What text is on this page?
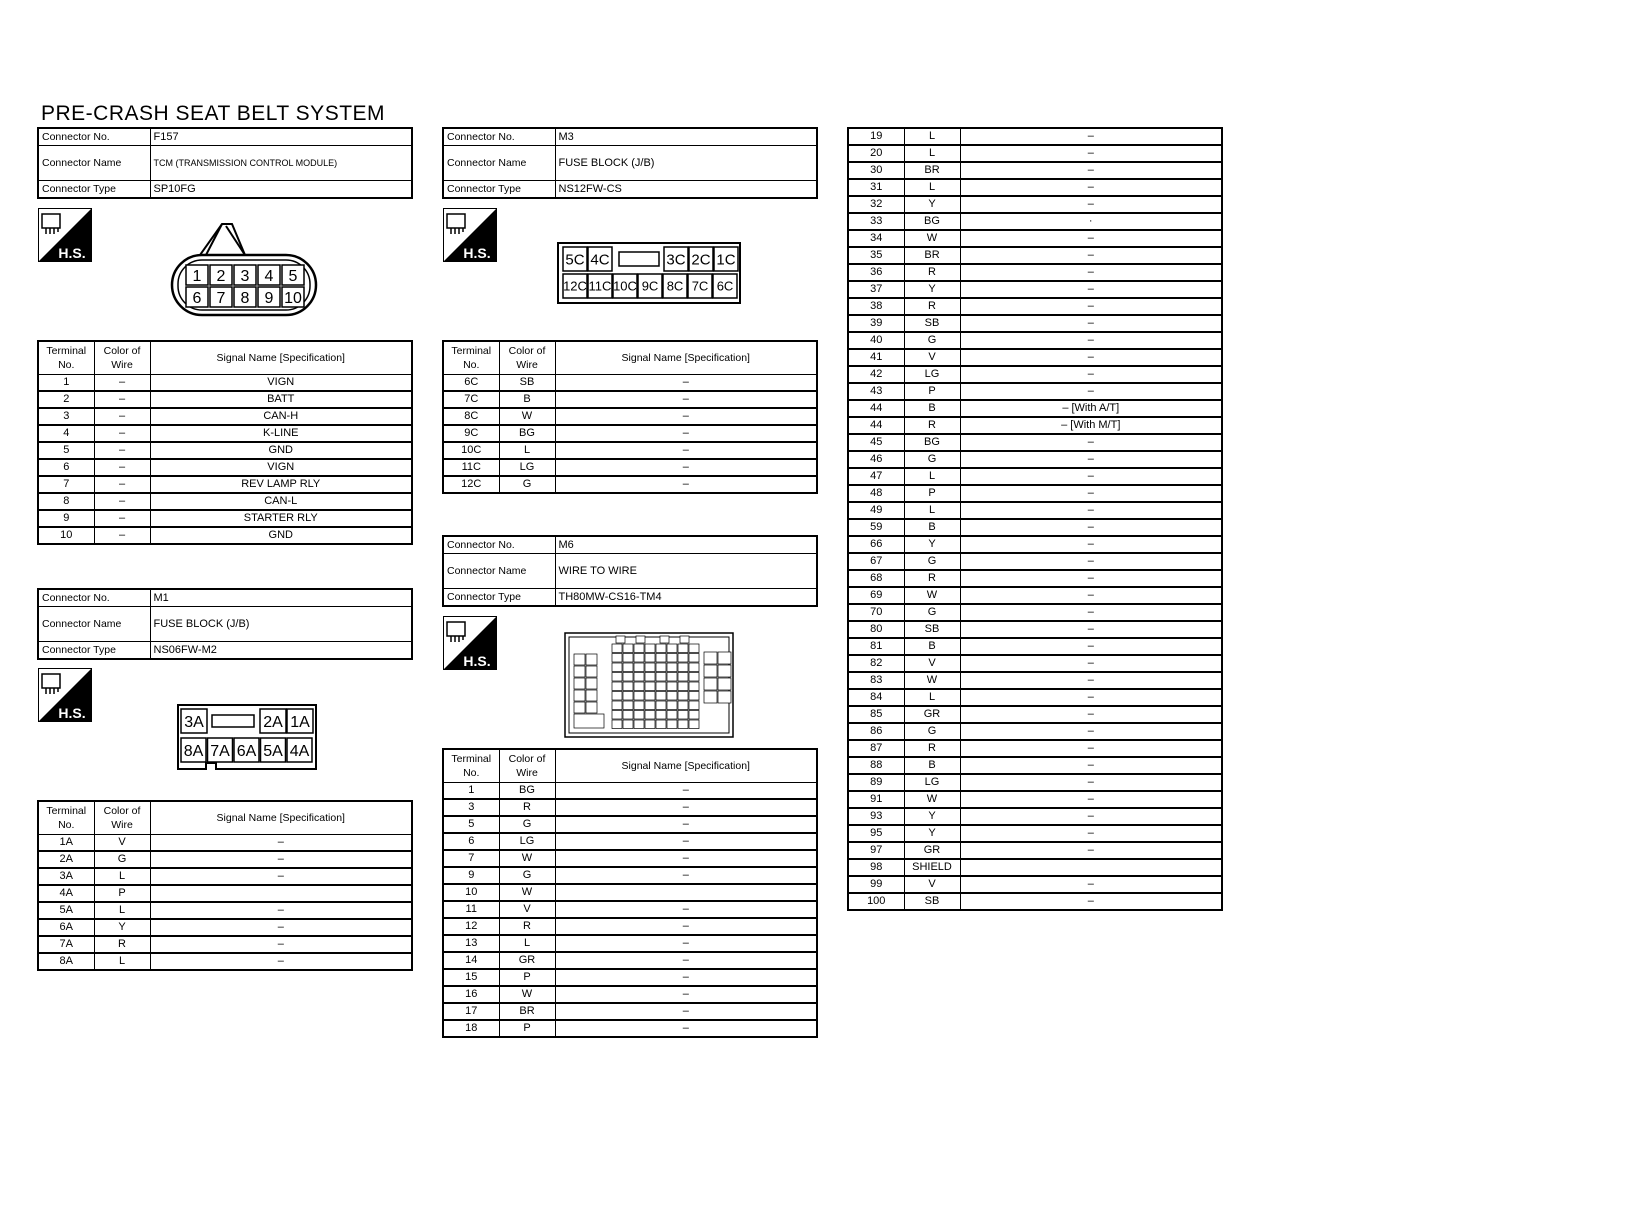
PRE-CRASH SEAT BELT SYSTEM
Connector No.	F157
Connector Name	TCM (TRANSMISSION CONTROL MODULE)
Connector Type	SP10FG
H.S.
1 2 3 4 5
6 7 8 9 10
Terminal No.	Color of Wire	Signal Name [Specification]
1	–	VIGN
2	–	BATT
3	–	CAN-H
4	–	K-LINE
5	–	GND
6	–	VIGN
7	–	REV LAMP RLY
8	–	CAN-L
9	–	STARTER RLY
10	–	GND
Connector No.	M1
Connector Name	FUSE BLOCK (J/B)
Connector Type	NS06FW-M2
H.S.
3A	2A 1A
8A 7A 6A 5A 4A
Terminal No.	Color of Wire	Signal Name [Specification]
1A	V	–
2A	G	–
3A	L	–
4A	P	
5A	L	–
6A	Y	–
7A	R	–
8A	L	–
Connector No.	M3
Connector Name	FUSE BLOCK (J/B)
Connector Type	NS12FW-CS
H.S.	5C 4C	3C 2C 1C
12C 11C 10C 9C 8C 7C 6C
Terminal No.	Color of Wire	Signal Name [Specification]
6C	SB	–
7C	B	–
8C	W	–
9C	BG	–
10C	L	–
11C	LG	–
12C	G	–
Connector No.	M6
Connector Name	WIRE TO WIRE
Connector Type	TH80MW-CS16-TM4
H.S.
Terminal No.	Color of Wire	Signal Name [Specification]
1	BG	–
3	R	–
5	G	–
6	LG	–
7	W	–
9	G	–
10	W	
11	V	–
12	R	–
13	L	–
14	GR	–
15	P	–
16	W	–
17	BR	–
18	P	–
19	L	–
20	L	–
30	BR	–
31	L	–
32	Y	–
33	BG	·
34	W	–
35	BR	–
36	R	–
37	Y	–
38	R	–
39	SB	–
40	G	–
41	V	–
42	LG	–
43	P	–
44	B	– [With A/T]
44	R	– [With M/T]
45	BG	–
46	G	–
47	L	–
48	P	–
49	L	–
59	B	–
66	Y	–
67	G	–
68	R	–
69	W	–
70	G	–
80	SB	–
81	B	–
82	V	–
83	W	–
84	L	–
85	GR	–
86	G	–
87	R	–
88	B	–
89	LG	–
91	W	–
93	Y	–
95	Y	–
97	GR	–
98	SHIELD	
99	V	–
100	SB	–
